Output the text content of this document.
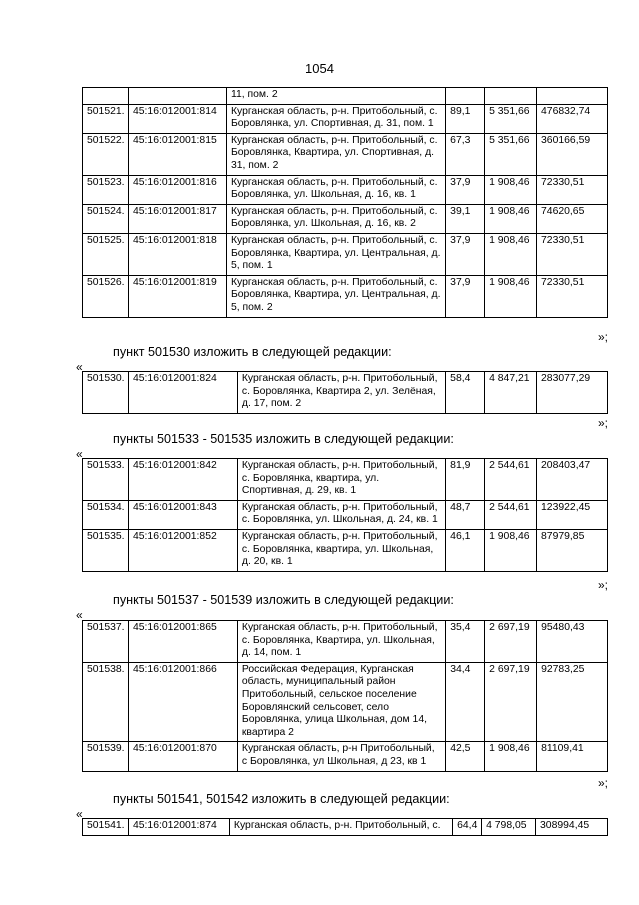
1054
		11, пом. 2			
501521.	45:16:012001:814	Курганская область, р-н. Притобольный, с. Боровлянка, ул. Спортивная, д. 31, пом. 1	89,1	5 351,66	476832,74
501522.	45:16:012001:815	Курганская область, р-н. Притобольный, с. Боровлянка, Квартира, ул. Спортивная, д. 31, пом. 2	67,3	5 351,66	360166,59
501523.	45:16:012001:816	Курганская область, р-н. Притобольный, с. Боровлянка, ул. Школьная, д. 16, кв. 1	37,9	1 908,46	72330,51
501524.	45:16:012001:817	Курганская область, р-н. Притобольный, с. Боровлянка, ул. Школьная, д. 16, кв. 2	39,1	1 908,46	74620,65
501525.	45:16:012001:818	Курганская область, р-н. Притобольный, с. Боровлянка, Квартира, ул. Центральная, д. 5, пом. 1	37,9	1 908,46	72330,51
501526.	45:16:012001:819	Курганская область, р-н. Притобольный, с. Боровлянка, Квартира, ул. Центральная, д. 5, пом. 2	37,9	1 908,46	72330,51
»;
пункт 501530 изложить в следующей редакции:
«
501530.	45:16:012001:824	Курганская область, р-н. Притобольный, с. Боровлянка, Квартира 2, ул. Зелёная, д. 17, пом. 2	58,4	4 847,21	283077,29
»;
пункты 501533 - 501535 изложить в следующей редакции:
«
501533.	45:16:012001:842	Курганская область, р-н. Притобольный, с. Боровлянка, квартира, ул. Спортивная, д. 29, кв. 1	81,9	2 544,61	208403,47
501534.	45:16:012001:843	Курганская область, р-н. Притобольный, с. Боровлянка, ул. Школьная, д. 24, кв. 1	48,7	2 544,61	123922,45
501535.	45:16:012001:852	Курганская область, р-н. Притобольный, с. Боровлянка, квартира, ул. Школьная, д. 20, кв. 1	46,1	1 908,46	87979,85
»;
пункты 501537 - 501539 изложить в следующей редакции:
«
501537.	45:16:012001:865	Курганская область, р-н. Притобольный, с. Боровлянка, Квартира, ул. Школьная, д. 14, пом. 1	35,4	2 697,19	95480,43
501538.	45:16:012001:866	Российская Федерация, Курганская область, муниципальный район Притобольный, сельское поселение Боровлянский сельсовет, село Боровлянка, улица Школьная, дом 14, квартира 2	34,4	2 697,19	92783,25
501539.	45:16:012001:870	Курганская область, р-н Притобольный, с Боровлянка, ул Школьная, д 23, кв 1	42,5	1 908,46	81109,41
»;
пункты 501541, 501542 изложить в следующей редакции:
«
501541.	45:16:012001:874	Курганская область, р-н. Притобольный, с.	64,4	4 798,05	308994,45
